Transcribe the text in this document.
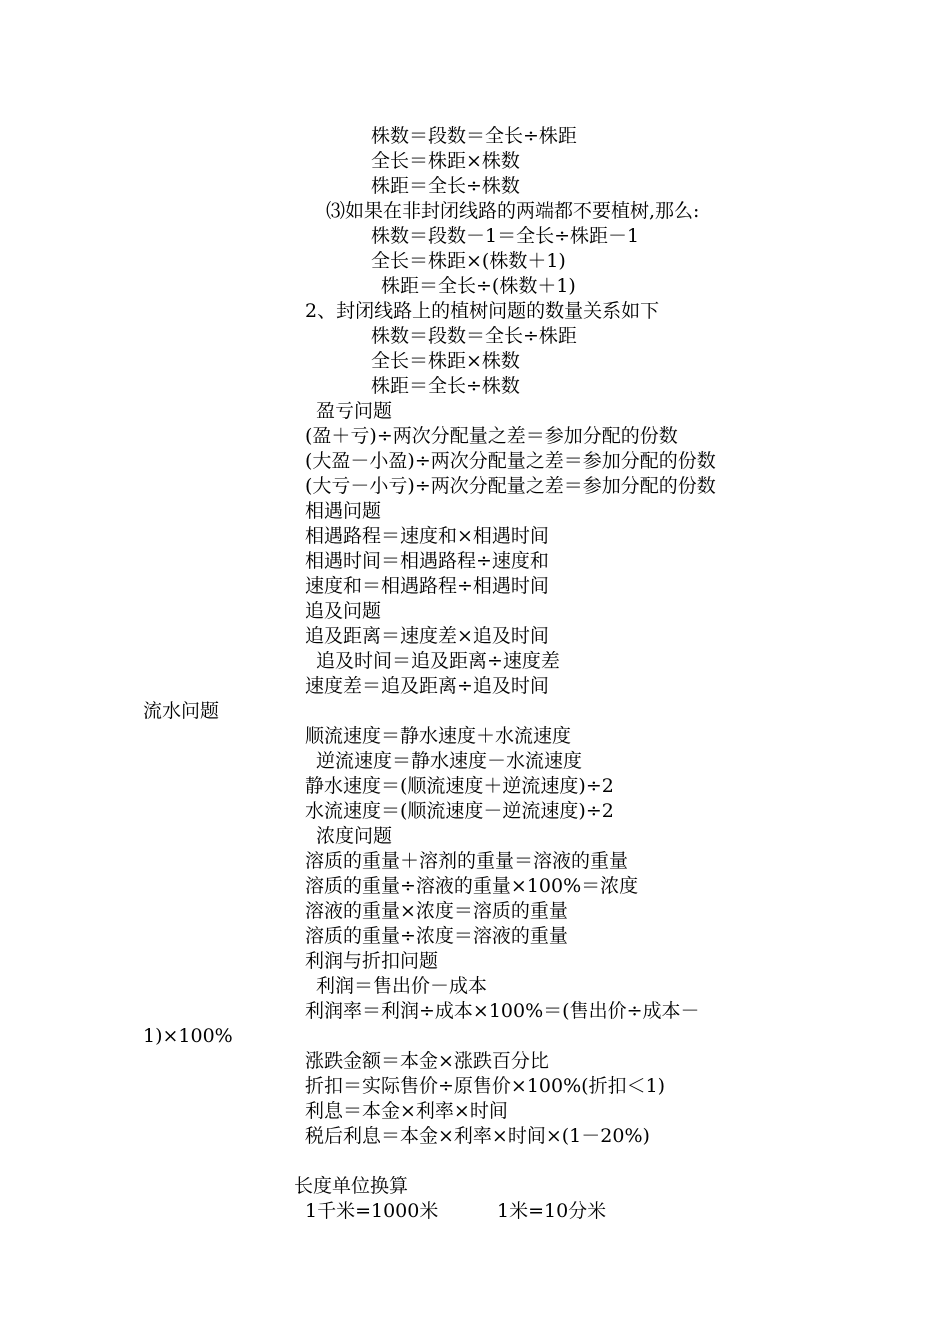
株数＝段数＝全长÷株距

全长＝株距×株数

株距＝全长÷株数

⑶如果在非封闭线路的两端都不要植树,那么:

株数＝段数－1＝全长÷株距－1

全长＝株距×(株数＋1)

株距＝全长÷(株数＋1)

2、封闭线路上的植树问题的数量关系如下

株数＝段数＝全长÷株距

全长＝株距×株数

株距＝全长÷株数

盈亏问题

(盈＋亏)÷两次分配量之差＝参加分配的份数

(大盈－小盈)÷两次分配量之差＝参加分配的份数

(大亏－小亏)÷两次分配量之差＝参加分配的份数

相遇问题

相遇路程＝速度和×相遇时间

相遇时间＝相遇路程÷速度和

速度和＝相遇路程÷相遇时间

追及问题

追及距离＝速度差×追及时间

追及时间＝追及距离÷速度差

速度差＝追及距离÷追及时间

流水问题

顺流速度＝静水速度＋水流速度

逆流速度＝静水速度－水流速度

静水速度＝(顺流速度＋逆流速度)÷2

水流速度＝(顺流速度－逆流速度)÷2

浓度问题

溶质的重量＋溶剂的重量＝溶液的重量

溶质的重量÷溶液的重量×100%＝浓度

溶液的重量×浓度＝溶质的重量

溶质的重量÷浓度＝溶液的重量

利润与折扣问题

利润＝售出价－成本

利润率＝利润÷成本×100%＝(售出价÷成本－

1)×100%

涨跌金额＝本金×涨跌百分比

折扣＝实际售价÷原售价×100%(折扣＜1)

利息＝本金×利率×时间

税后利息＝本金×利率×时间×(1－20%)

长度单位换算

1千米=1000米	1米=10分米
